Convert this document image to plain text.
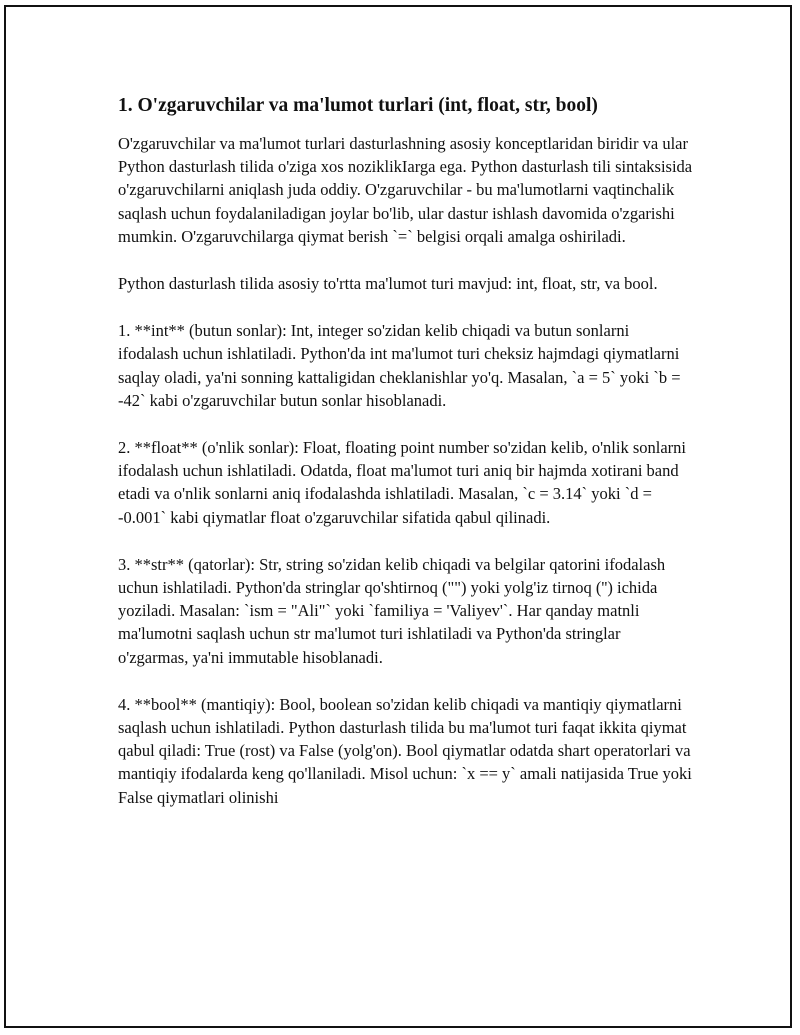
1. O'zgaruvchilar va ma'lumot turlari (int, float, str, bool)

O'zgaruvchilar va ma'lumot turlari dasturlashning asosiy konceptlaridan biridir va ular Python dasturlash tilida o'ziga xos noziklikIarga ega. Python dasturlash tili sintaksisida o'zgaruvchilarni aniqlash juda oddiy. O'zgaruvchilar - bu ma'lumotlarni vaqtinchalik saqlash uchun foydalaniladigan joylar bo'lib, ular dastur ishlash davomida o'zgarishi mumkin. O'zgaruvchilarga qiymat berish `=` belgisi orqali amalga oshiriladi.

Python dasturlash tilida asosiy to'rtta ma'lumot turi mavjud: int, float, str, va bool.

1. **int** (butun sonlar): Int, integer so'zidan kelib chiqadi va butun sonlarni ifodalash uchun ishlatiladi. Python'da int ma'lumot turi cheksiz hajmdagi qiymatlarni saqlay oladi, ya'ni sonning kattaligidan cheklanishlar yo'q. Masalan, `a = 5` yoki `b = -42` kabi o'zgaruvchilar butun sonlar hisoblanadi.

2. **float** (o'nlik sonlar): Float, floating point number so'zidan kelib, o'nlik sonlarni ifodalash uchun ishlatiladi. Odatda, float ma'lumot turi aniq bir hajmda xotirani band etadi va o'nlik sonlarni aniq ifodalashda ishlatiladi. Masalan, `c = 3.14` yoki `d = -0.001` kabi qiymatlar float o'zgaruvchilar sifatida qabul qilinadi.

3. **str** (qatorlar): Str, string so'zidan kelib chiqadi va belgilar qatorini ifodalash uchun ishlatiladi. Python'da stringlar qo'shtirnoq ("") yoki yolg'iz tirnoq ('') ichida yoziladi. Masalan: `ism = "Ali"` yoki `familiya = 'Valiyev'`. Har qanday matnli ma'lumotni saqlash uchun str ma'lumot turi ishlatiladi va Python'da stringlar o'zgarmas, ya'ni immutable hisoblanadi.

4. **bool** (mantiqiy): Bool, boolean so'zidan kelib chiqadi va mantiqiy qiymatlarni saqlash uchun ishlatiladi. Python dasturlash tilida bu ma'lumot turi faqat ikkita qiymat qabul qiladi: True (rost) va False (yolg'on). Bool qiymatlar odatda shart operatorlari va mantiqiy ifodalarda keng qo'llaniladi. Misol uchun: `x == y` amali natijasida True yoki False qiymatlari olinishi
